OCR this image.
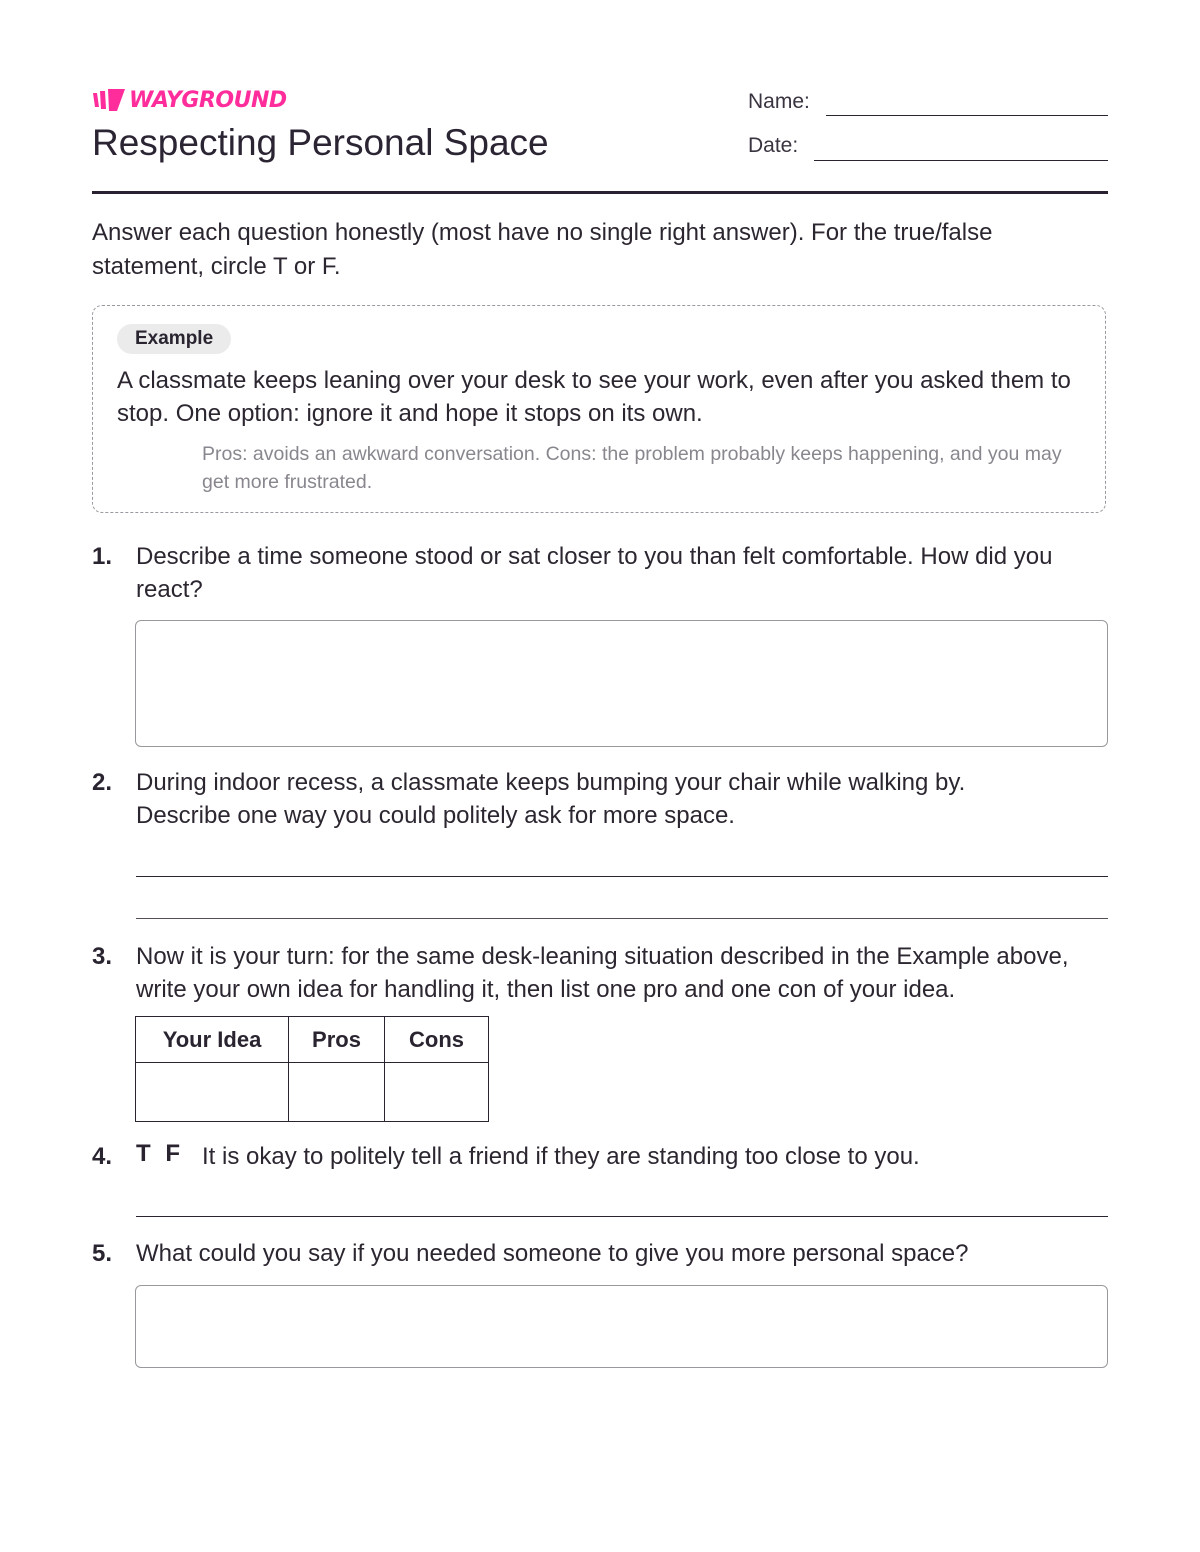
WAYGROUND
Respecting Personal Space
Name:
Date:
Answer each question honestly (most have no single right answer). For the true/false statement, circle T or F.
Example
A classmate keeps leaning over your desk to see your work, even after you asked them to stop. One option: ignore it and hope it stops on its own.
Pros: avoids an awkward conversation. Cons: the problem probably keeps happening, and you may get more frustrated.
1. Describe a time someone stood or sat closer to you than felt comfortable. How did you react?
2. During indoor recess, a classmate keeps bumping your chair while walking by. Describe one way you could politely ask for more space.
3. Now it is your turn: for the same desk-leaning situation described in the Example above, write your own idea for handling it, then list one pro and one con of your idea.
Your Idea	Pros	Cons

4. T F It is okay to politely tell a friend if they are standing too close to you.
5. What could you say if you needed someone to give you more personal space?
